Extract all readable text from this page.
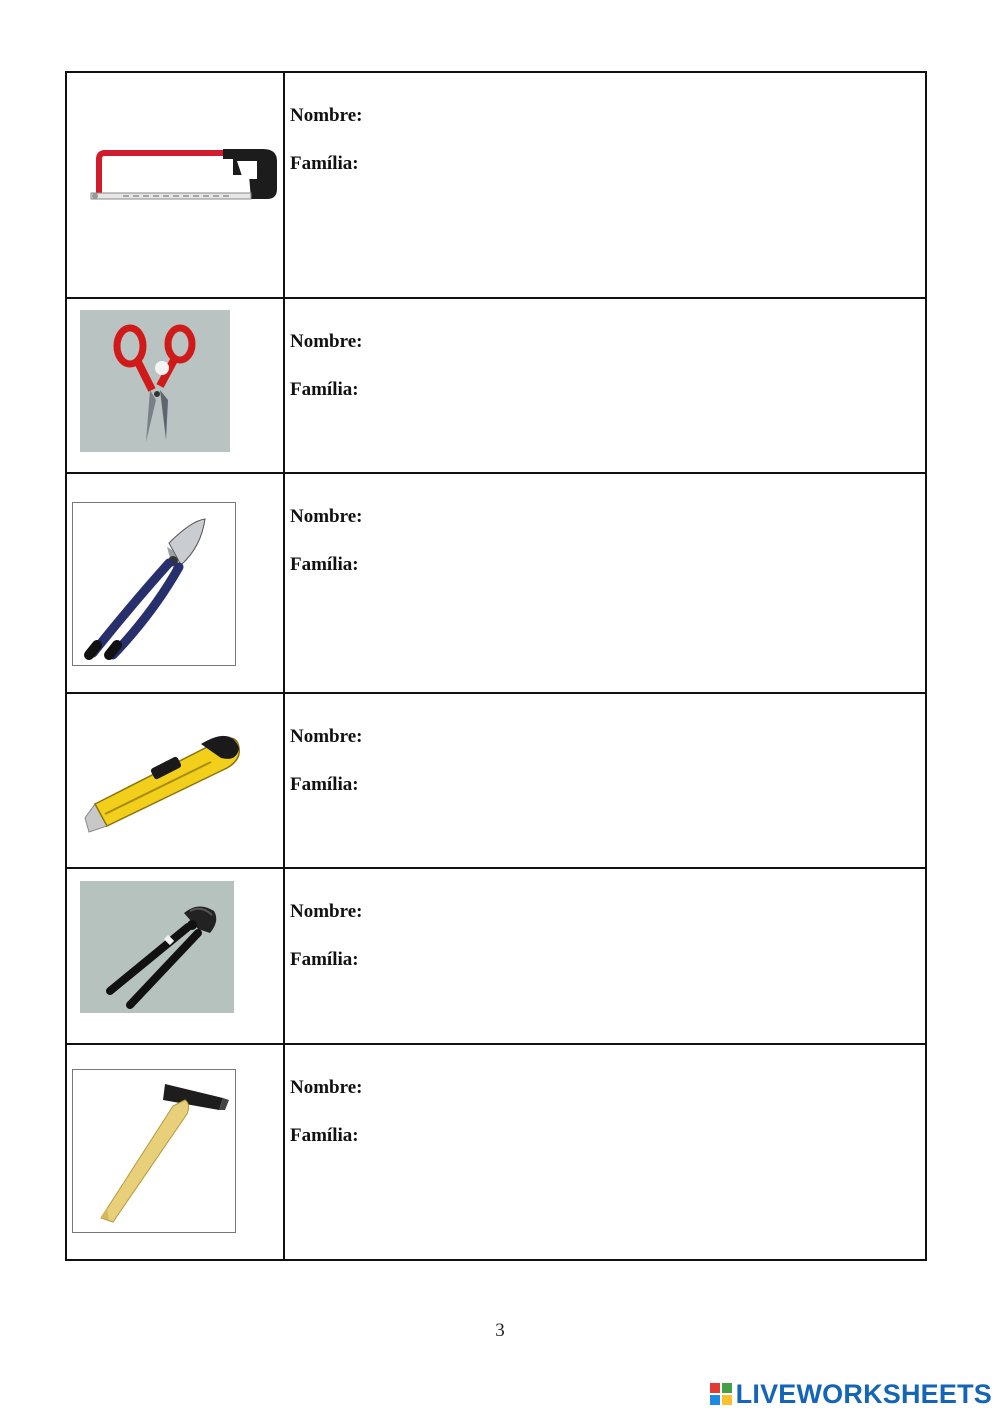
Nombre:
Família:

Nombre:
Família:

Nombre:
Família:

Nombre:
Família:

Nombre:
Família:

Nombre:
Família:
3
LIVEWORKSHEETS
